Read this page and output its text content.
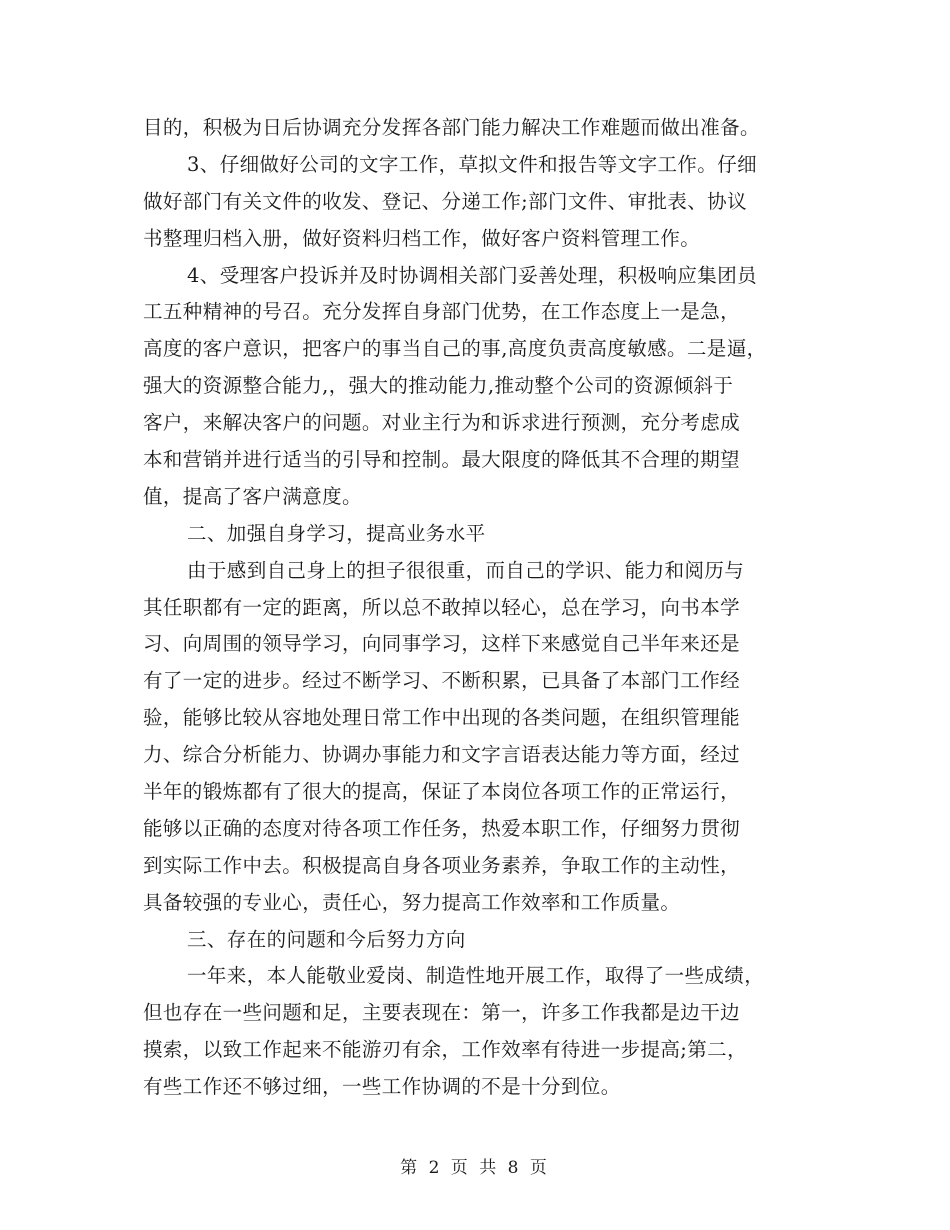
目的，积极为日后协调充分发挥各部门能力解决工作难题而做出准备。
3、仔细做好公司的文字工作，草拟文件和报告等文字工作。仔细
做好部门有关文件的收发、登记、分递工作;部门文件、审批表、协议
书整理归档入册，做好资料归档工作，做好客户资料管理工作。
4、受理客户投诉并及时协调相关部门妥善处理，积极响应集团员
工五种精神的号召。充分发挥自身部门优势，在工作态度上一是急，
高度的客户意识，把客户的事当自己的事,高度负责高度敏感。二是逼，
强大的资源整合能力,，强大的推动能力,推动整个公司的资源倾斜于
客户，来解决客户的问题。对业主行为和诉求进行预测，充分考虑成
本和营销并进行适当的引导和控制。最大限度的降低其不合理的期望
值，提高了客户满意度。
二、加强自身学习，提高业务水平
由于感到自己身上的担子很很重，而自己的学识、能力和阅历与
其任职都有一定的距离，所以总不敢掉以轻心，总在学习，向书本学
习、向周围的领导学习，向同事学习，这样下来感觉自己半年来还是
有了一定的进步。经过不断学习、不断积累，已具备了本部门工作经
验，能够比较从容地处理日常工作中出现的各类问题，在组织管理能
力、综合分析能力、协调办事能力和文字言语表达能力等方面，经过
半年的锻炼都有了很大的提高，保证了本岗位各项工作的正常运行，
能够以正确的态度对待各项工作任务，热爱本职工作，仔细努力贯彻
到实际工作中去。积极提高自身各项业务素养，争取工作的主动性，
具备较强的专业心，责任心，努力提高工作效率和工作质量。
三、存在的问题和今后努力方向
一年来，本人能敬业爱岗、制造性地开展工作，取得了一些成绩，
但也存在一些问题和足，主要表现在：第一，许多工作我都是边干边
摸索，以致工作起来不能游刃有余，工作效率有待进一步提高;第二，
有些工作还不够过细，一些工作协调的不是十分到位。
第 2 页 共 8 页
